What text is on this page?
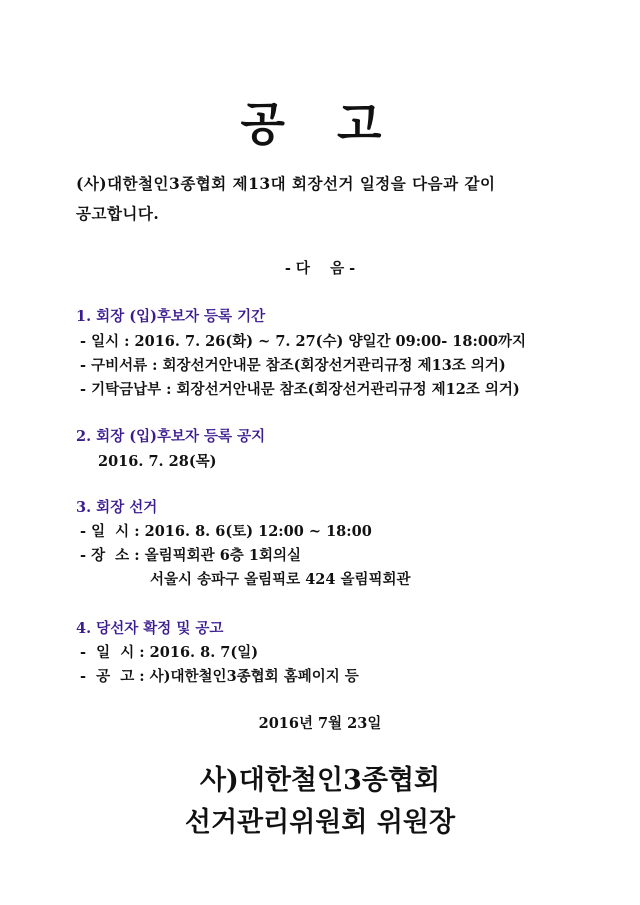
공 고
(사)대한철인3종협회 제13대 회장선거 일정을 다음과 같이
공고합니다.
- 다    음 -
1. 회장 (입)후보자 등록 기간
- 일시 : 2016. 7. 26(화) ~ 7. 27(수) 양일간 09:00- 18:00까지
- 구비서류 : 회장선거안내문 참조(회장선거관리규정 제13조 의거)
- 기탁금납부 : 회장선거안내문 참조(회장선거관리규정 제12조 의거)
2. 회장 (입)후보자 등록 공지
2016. 7. 28(목)
3. 회장 선거
- 일  시 : 2016. 8. 6(토) 12:00 ~ 18:00
- 장  소 : 올림픽회관 6층 1회의실
서울시 송파구 올림픽로 424 올림픽회관
4. 당선자 확정 및 공고
-  일  시 : 2016. 8. 7(일)
-  공  고 : 사)대한철인3종협회 홈페이지 등
2016년 7월 23일
사)대한철인3종협회
선거관리위원회 위원장
